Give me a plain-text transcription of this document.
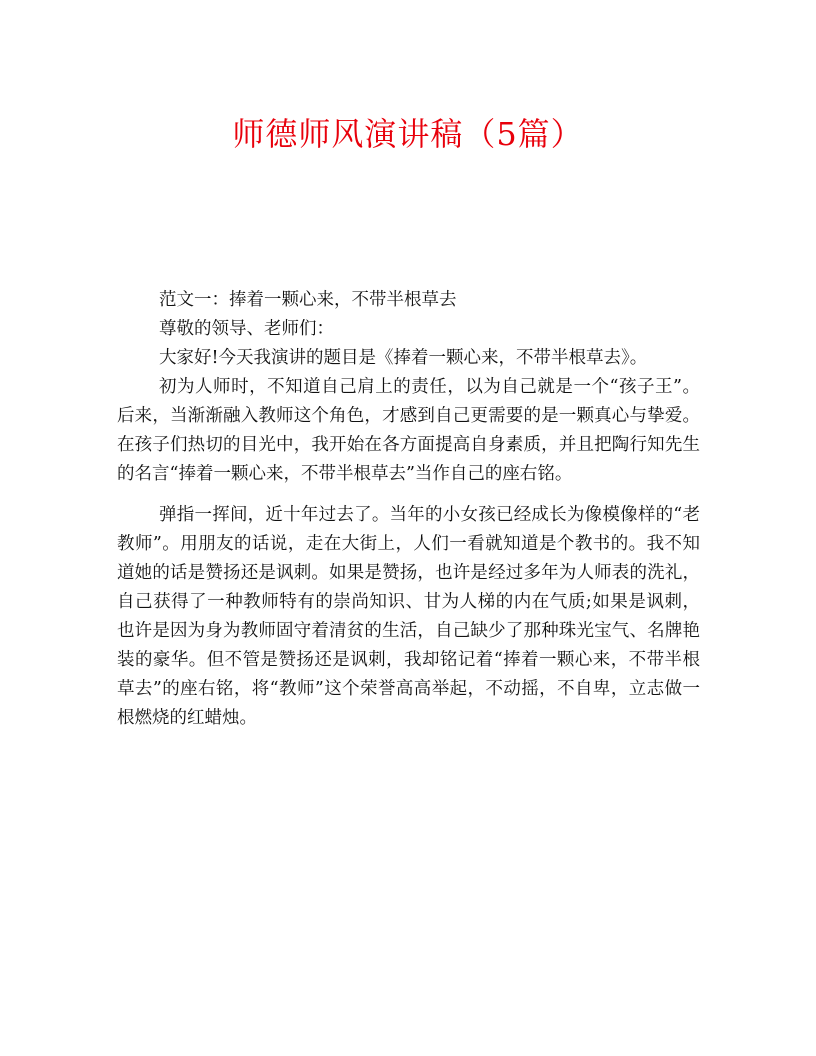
师德师风演讲稿（5篇）

范文一：捧着一颗心来，不带半根草去

尊敬的领导、老师们：

大家好!今天我演讲的题目是《捧着一颗心来，不带半根草去》。

初为人师时，不知道自己肩上的责任，以为自己就是一个“孩子王”。后来，当渐渐融入教师这个角色，才感到自己更需要的是一颗真心与挚爱。在孩子们热切的目光中，我开始在各方面提高自身素质，并且把陶行知先生的名言“捧着一颗心来，不带半根草去”当作自己的座右铭。

弹指一挥间，近十年过去了。当年的小女孩已经成长为像模像样的“老教师”。用朋友的话说，走在大街上，人们一看就知道是个教书的。我不知道她的话是赞扬还是讽刺。如果是赞扬，也许是经过多年为人师表的洗礼，自己获得了一种教师特有的崇尚知识、甘为人梯的内在气质;如果是讽刺，也许是因为身为教师固守着清贫的生活，自己缺少了那种珠光宝气、名牌艳装的豪华。但不管是赞扬还是讽刺，我却铭记着“捧着一颗心来，不带半根草去”的座右铭，将“教师”这个荣誉高高举起，不动摇，不自卑，立志做一根燃烧的红蜡烛。
